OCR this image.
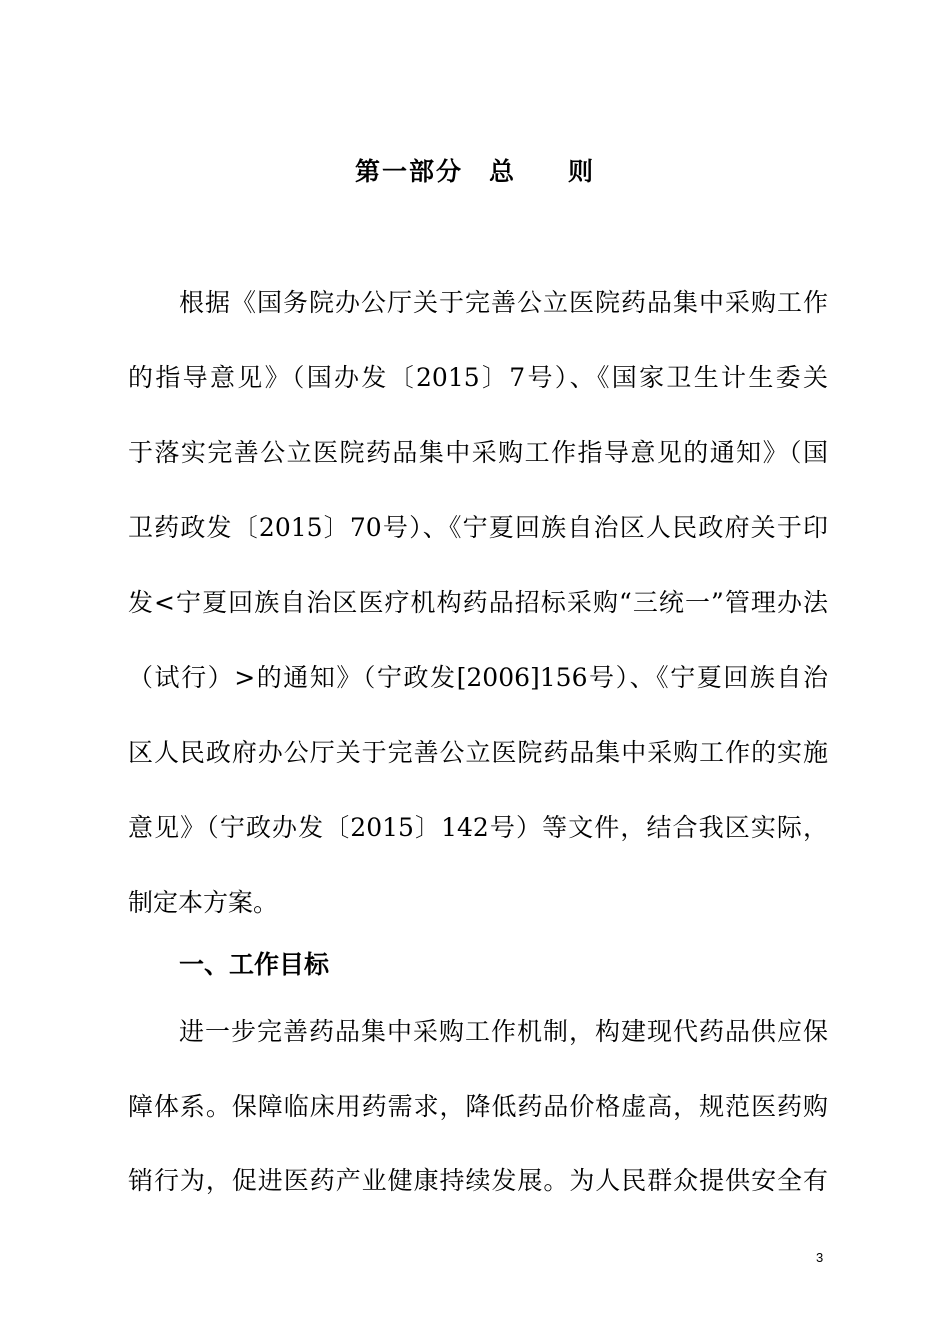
第一部分 总 则
根据《国务院办公厅关于完善公立医院药品集中采购工作
的指导意见》（国办发〔2015〕7号）、《国家卫生计生委关
于落实完善公立医院药品集中采购工作指导意见的通知》（国
卫药政发〔2015〕70号）、《宁夏回族自治区人民政府关于印
发<宁夏回族自治区医疗机构药品招标采购“三统一”管理办法
（试行）>的通知》（宁政发[2006]156号）、《宁夏回族自治
区人民政府办公厅关于完善公立医院药品集中采购工作的实施
意见》（宁政办发〔2015〕142号）等文件，结合我区实际，
制定本方案。
一、工作目标
进一步完善药品集中采购工作机制，构建现代药品供应保
障体系。保障临床用药需求，降低药品价格虚高，规范医药购
销行为，促进医药产业健康持续发展。为人民群众提供安全有
3
